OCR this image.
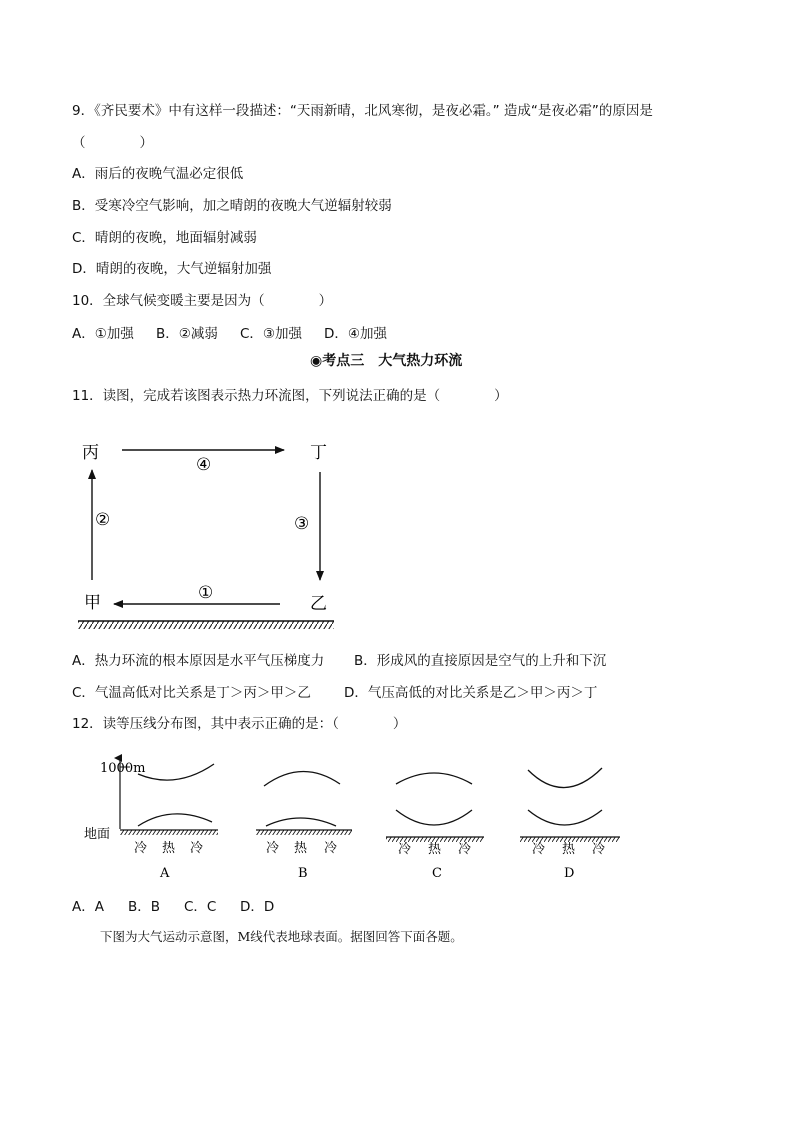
9．《齐民要术》中有这样一段描述：“天雨新晴，北风寒彻，是夜必霜。” 造成“是夜必霜”的原因是
（　　　　）
A．雨后的夜晚气温必定很低
B．受寒冷空气影响，加之晴朗的夜晚大气逆辐射较弱
C．晴朗的夜晚，地面辐射减弱
D．晴朗的夜晚，大气逆辐射加强
10．全球气候变暖主要是因为（　　　　）
A．①加强 B．②减弱 C．③加强 D．④加强
◉考点三　大气热力环流
11．读图，完成若该图表示热力环流图，下列说法正确的是（　　　　）
丙	丁
甲	乙
④
③
①
②
A．热力环流的根本原因是水平气压梯度力 B．形成风的直接原因是空气的上升和下沉
C．气温高低对比关系是丁＞丙＞甲＞乙 D．气压高低的对比关系是乙＞甲＞丙＞丁
12．读等压线分布图，其中表示正确的是：（　　　　）
1000m
地面
冷 热 冷
A
冷 热 冷
B
冷 热 冷
C
冷 热 冷
D
A．A B．B C．C D．D
下图为大气运动示意图，M线代表地球表面。据图回答下面各题。
